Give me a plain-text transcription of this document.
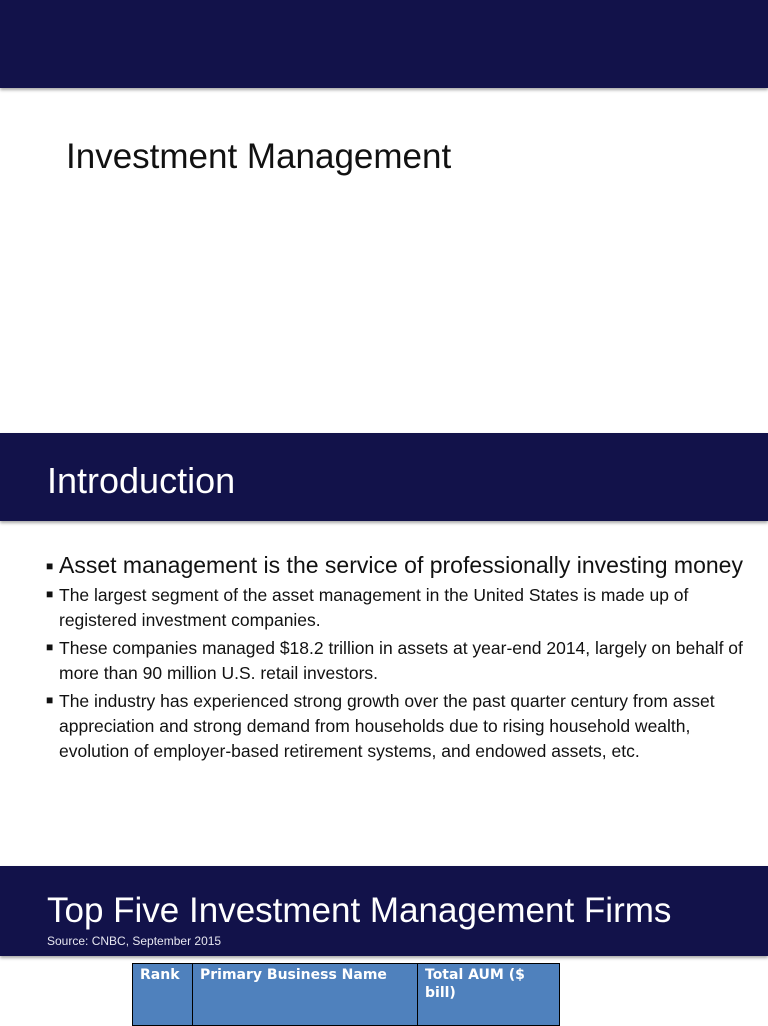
Investment Management
Introduction
■ Asset management is the service of professionally investing money
■ The largest segment of the asset management in the United States is made up of registered investment companies.
■ These companies managed $18.2 trillion in assets at year-end 2014, largely on behalf of more than 90 million U.S. retail investors.
■ The industry has experienced strong growth over the past quarter century from asset appreciation and strong demand from households due to rising household wealth, evolution of employer-based retirement systems, and endowed assets, etc.
Top Five Investment Management Firms
Source: CNBC, September 2015
Rank	Primary Business Name	Total AUM ($ bill)
